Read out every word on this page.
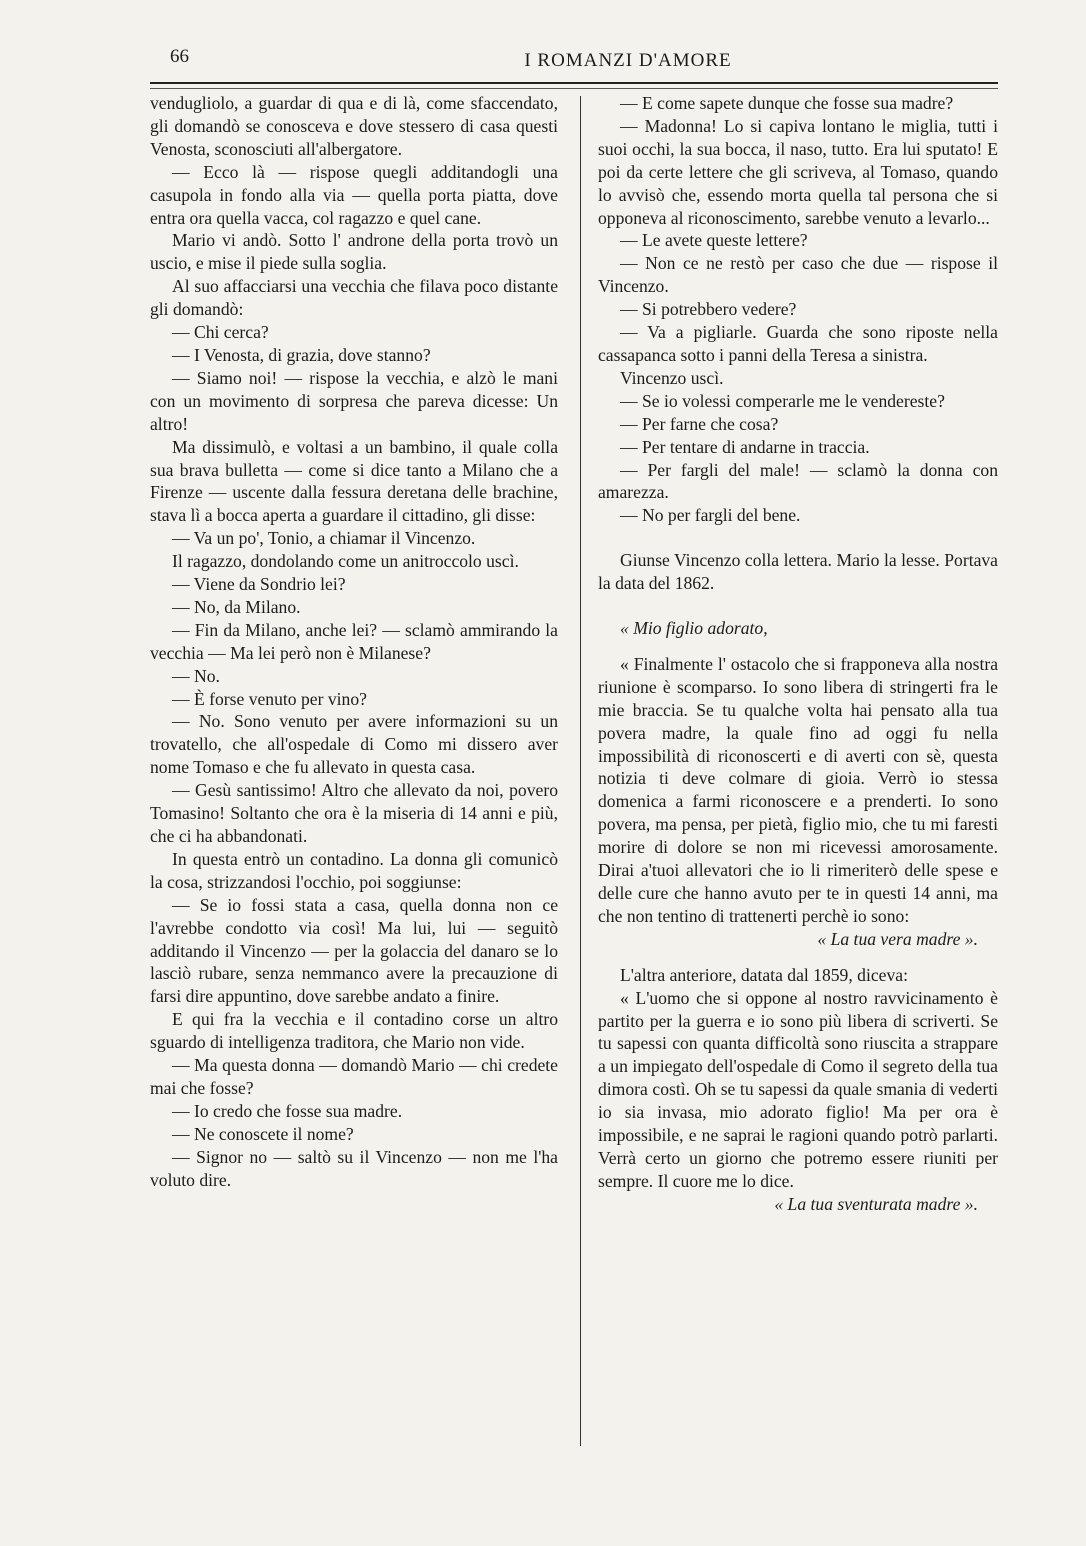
66	I ROMANZI D'AMORE

vendugliolo, a guardar di qua e di là, come sfaccendato, gli domandò se conosceva e dove stessero di casa questi Venosta, sconosciuti all'albergatore.

— Ecco là — rispose quegli additandogli una casupola in fondo alla via — quella porta piatta, dove entra ora quella vacca, col ragazzo e quel cane.

Mario vi andò. Sotto l' androne della porta trovò un uscio, e mise il piede sulla soglia.

Al suo affacciarsi una vecchia che filava poco distante gli domandò:

— Chi cerca?

— I Venosta, di grazia, dove stanno?

— Siamo noi! — rispose la vecchia, e alzò le mani con un movimento di sorpresa che pareva dicesse: Un altro!

Ma dissimulò, e voltasi a un bambino, il quale colla sua brava bulletta — come si dice tanto a Milano che a Firenze — uscente dalla fessura deretana delle brachine, stava lì a bocca aperta a guardare il cittadino, gli disse:

— Va un po', Tonio, a chiamar il Vincenzo.

Il ragazzo, dondolando come un anitroccolo uscì.

— Viene da Sondrio lei?

— No, da Milano.

— Fin da Milano, anche lei? — sclamò ammirando la vecchia — Ma lei però non è Milanese?

— No.

— È forse venuto per vino?

— No. Sono venuto per avere informazioni su un trovatello, che all'ospedale di Como mi dissero aver nome Tomaso e che fu allevato in questa casa.

— Gesù santissimo! Altro che allevato da noi, povero Tomasino! Soltanto che ora è la miseria di 14 anni e più, che ci ha abbandonati.

In questa entrò un contadino. La donna gli comunicò la cosa, strizzandosi l'occhio, poi soggiunse:

— Se io fossi stata a casa, quella donna non ce l'avrebbe condotto via così! Ma lui, lui — seguitò additando il Vincenzo — per la golaccia del danaro se lo lasciò rubare, senza nemmanco avere la precauzione di farsi dire appuntino, dove sarebbe andato a finire.

E qui fra la vecchia e il contadino corse un altro sguardo di intelligenza traditora, che Mario non vide.

— Ma questa donna — domandò Mario — chi credete mai che fosse?

— Io credo che fosse sua madre.

— Ne conoscete il nome?

— Signor no — saltò su il Vincenzo — non me l'ha voluto dire.

— E come sapete dunque che fosse sua madre?

— Madonna! Lo si capiva lontano le miglia, tutti i suoi occhi, la sua bocca, il naso, tutto. Era lui sputato! E poi da certe lettere che gli scriveva, al Tomaso, quando lo avvisò che, essendo morta quella tal persona che si opponeva al riconoscimento, sarebbe venuto a levarlo...

— Le avete queste lettere?

— Non ce ne restò per caso che due — rispose il Vincenzo.

— Si potrebbero vedere?

— Va a pigliarle. Guarda che sono riposte nella cassapanca sotto i panni della Teresa a sinistra.

Vincenzo uscì.

— Se io volessi comperarle me le vendereste?

— Per farne che cosa?

— Per tentare di andarne in traccia.

— Per fargli del male! — sclamò la donna con amarezza.

— No per fargli del bene.

Giunse Vincenzo colla lettera. Mario la lesse. Portava la data del 1862.

« Mio figlio adorato,

« Finalmente l' ostacolo che si frapponeva alla nostra riunione è scomparso. Io sono libera di stringerti fra le mie braccia. Se tu qualche volta hai pensato alla tua povera madre, la quale fino ad oggi fu nella impossibilità di riconoscerti e di averti con sè, questa notizia ti deve colmare di gioia. Verrò io stessa domenica a farmi riconoscere e a prenderti. Io sono povera, ma pensa, per pietà, figlio mio, che tu mi faresti morire di dolore se non mi ricevessi amorosamente. Dirai a'tuoi allevatori che io li rimeriterò delle spese e delle cure che hanno avuto per te in questi 14 anni, ma che non tentino di trattenerti perchè io sono:

« La tua vera madre ».

L'altra anteriore, datata dal 1859, diceva:

« L'uomo che si oppone al nostro ravvicinamento è partito per la guerra e io sono più libera di scriverti. Se tu sapessi con quanta difficoltà sono riuscita a strappare a un impiegato dell'ospedale di Como il segreto della tua dimora costì. Oh se tu sapessi da quale smania di vederti io sia invasa, mio adorato figlio! Ma per ora è impossibile, e ne saprai le ragioni quando potrò parlarti. Verrà certo un giorno che potremo essere riuniti per sempre. Il cuore me lo dice.

« La tua sventurata madre ».
